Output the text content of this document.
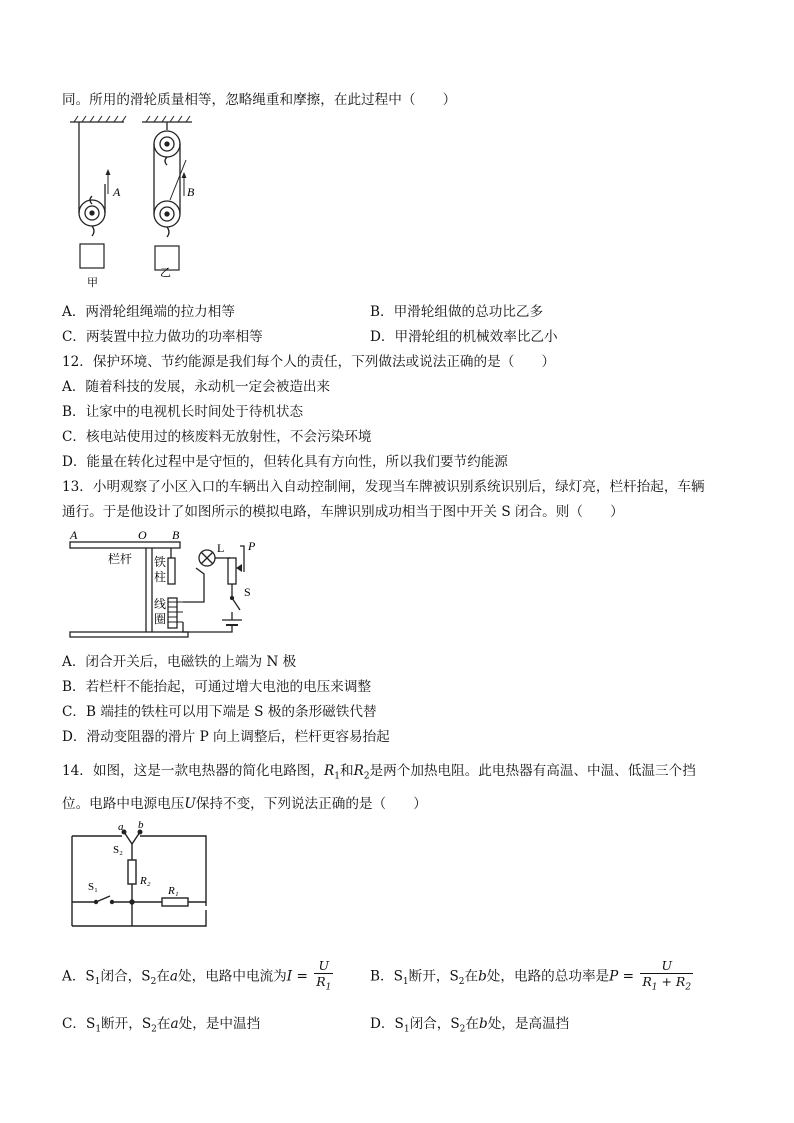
同。所用的滑轮质量相等，忽略绳重和摩擦，在此过程中（　　）
A	B
甲
乙
A．两滑轮组绳端的拉力相等	B．甲滑轮组做的总功比乙多
C．两装置中拉力做功的功率相等	D．甲滑轮组的机械效率比乙小
12．保护环境、节约能源是我们每个人的责任，下列做法或说法正确的是（　　）
A．随着科技的发展，永动机一定会被造出来
B．让家中的电视机长时间处于待机状态
C．核电站使用过的核废料无放射性，不会污染环境
D．能量在转化过程中是守恒的，但转化具有方向性，所以我们要节约能源
13．小明观察了小区入口的车辆出入自动控制闸，发现当车牌被识别系统识别后，绿灯亮，栏杆抬起，车辆
通行。于是他设计了如图所示的模拟电路，车牌识别成功相当于图中开关 S 闭合。则（　　）
A	O B
栏杆 铁
柱
线
圈
L P
S
A．闭合开关后，电磁铁的上端为 N 极
B．若栏杆不能抬起，可通过增大电池的电压来调整
C．B 端挂的铁柱可以用下端是 S 极的条形磁铁代替
D．滑动变阻器的滑片 P 向上调整后，栏杆更容易抬起
14．如图，这是一款电热器的简化电路图，$R_1$和$R_2$是两个加热电阻。此电热器有高温、中温、低温三个挡
位。电路中电源电压U保持不变，下列说法正确的是（　　）
a b
S₂
S₁	R₂
R₁
A．$S_1$闭合，$S_2$在a处，电路中电流为$I = \frac{U}{R_1}$	B．$S_1$断开，$S_2$在b处，电路的总功率是$P = \frac{U}{R_1 + R_2}$
C．$S_1$断开，$S_2$在a处，是中温挡	D．$S_1$闭合，$S_2$在b处，是高温挡
